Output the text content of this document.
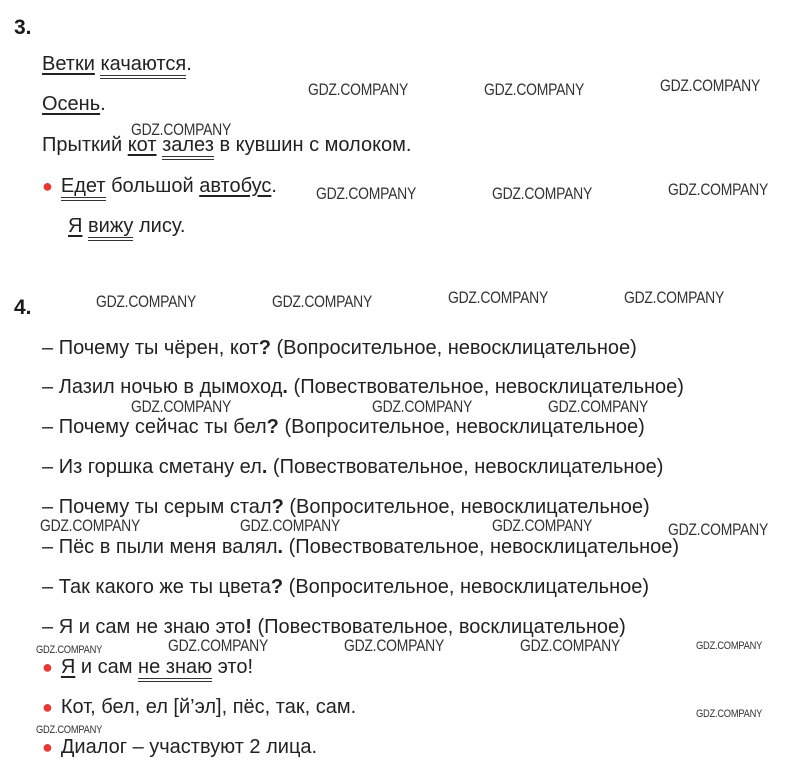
3.
Ветки качаются.
Осень.
Прыткий кот залез в кувшин с молоком.
● Едет большой автобус.
Я вижу лису.
4.
– Почему ты чёрен, кот? (Вопросительное, невосклицательное)
– Лазил ночью в дымоход. (Повествовательное, невосклицательное)
– Почему сейчас ты бел? (Вопросительное, невосклицательное)
– Из горшка сметану ел. (Повествовательное, невосклицательное)
– Почему ты серым стал? (Вопросительное, невосклицательное)
– Пёс в пыли меня валял. (Повествовательное, невосклицательное)
– Так какого же ты цвета? (Вопросительное, невосклицательное)
– Я и сам не знаю это! (Повествовательное, восклицательное)
● Я и сам не знаю это!
● Кот, бел, ел [й’эл], пёс, так, сам.
● Диалог – участвуют 2 лица.
GDZ.COMPANY	GDZ.COMPANY	GDZ.COMPANY
GDZ.COMPANY
GDZ.COMPANY	GDZ.COMPANY	GDZ.COMPANY
GDZ.COMPANY	GDZ.COMPANY	GDZ.COMPANY	GDZ.COMPANY
GDZ.COMPANY	GDZ.COMPANY	GDZ.COMPANY
GDZ.COMPANY	GDZ.COMPANY	GDZ.COMPANY	GDZ.COMPANY
GDZ.COMPANY	GDZ.COMPANY	GDZ.COMPANY	GDZ.COMPANY	GDZ.COMPANY
GDZ.COMPANY
GDZ.COMPANY
